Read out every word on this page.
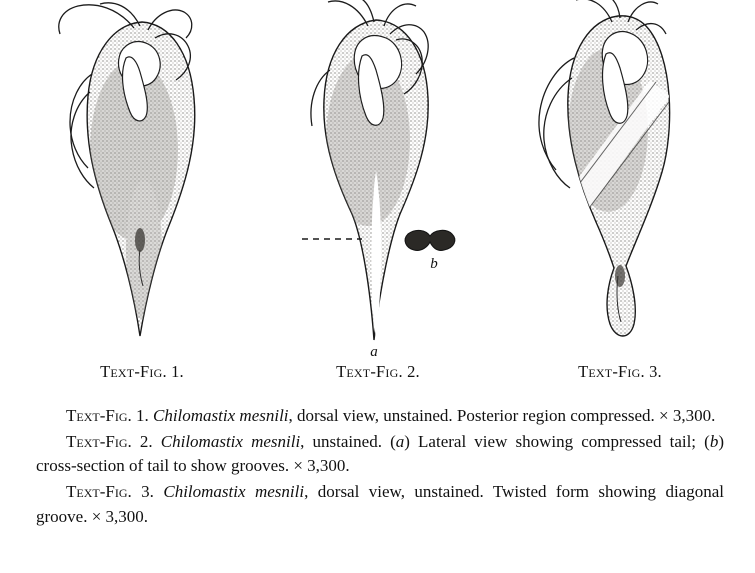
a
b
Text-Fig. 1.	Text-Fig. 2.	Text-Fig. 3.

Text-Fig. 1. Chilomastix mesnili, dorsal view, unstained. Posterior region compressed. × 3,300.

Text-Fig. 2. Chilomastix mesnili, unstained. (a) Lateral view showing compressed tail; (b) cross-section of tail to show grooves. × 3,300.

Text-Fig. 3. Chilomastix mesnili, dorsal view, unstained. Twisted form showing diagonal groove. × 3,300.
